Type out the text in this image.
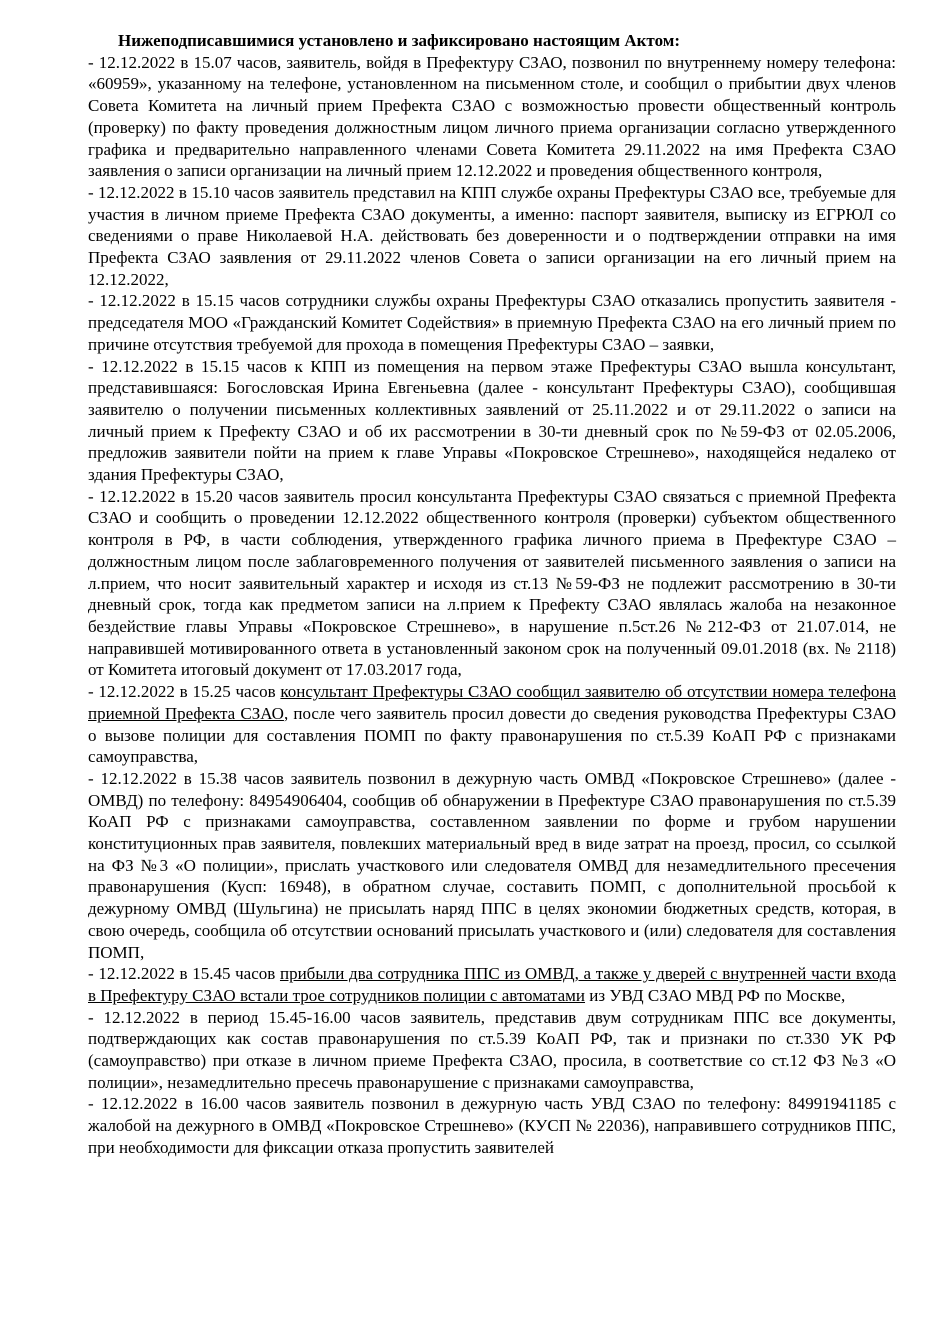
Нижеподписавшимися установлено и зафиксировано настоящим Актом:

- 12.12.2022 в 15.07 часов, заявитель, войдя в Префектуру СЗАО, позвонил по внутреннему номеру телефона: «60959», указанному на телефоне, установленном на письменном столе, и сообщил о прибытии двух членов Совета Комитета на личный прием Префекта СЗАО с возможностью провести общественный контроль (проверку) по факту проведения должностным лицом личного приема организации согласно утвержденного графика и предварительно направленного членами Совета Комитета 29.11.2022 на имя Префекта СЗАО заявления о записи организации на личный прием 12.12.2022 и проведения общественного контроля,

- 12.12.2022 в 15.10 часов заявитель представил на КПП службе охраны Префектуры СЗАО все, требуемые для участия в личном приеме Префекта СЗАО документы, а именно: паспорт заявителя, выписку из ЕГРЮЛ со сведениями о праве Николаевой Н.А. действовать без доверенности и о подтверждении отправки на имя Префекта СЗАО заявления от 29.11.2022 членов Совета о записи организации на его личный прием на 12.12.2022,

- 12.12.2022 в 15.15 часов сотрудники службы охраны Префектуры СЗАО отказались пропустить заявителя - председателя МОО «Гражданский Комитет Содействия» в приемную Префекта СЗАО на его личный прием по причине отсутствия требуемой для прохода в помещения Префектуры СЗАО – заявки,

- 12.12.2022 в 15.15 часов к КПП из помещения на первом этаже Префектуры СЗАО вышла консультант, представившаяся: Богословская Ирина Евгеньевна (далее - консультант Префектуры СЗАО), сообщившая заявителю о получении письменных коллективных заявлений от 25.11.2022 и от 29.11.2022 о записи на личный прием к Префекту СЗАО и об их рассмотрении в 30-ти дневный срок по №59-ФЗ от 02.05.2006, предложив заявители пойти на прием к главе Управы «Покровское Стрешнево», находящейся недалеко от здания Префектуры СЗАО,

- 12.12.2022 в 15.20 часов заявитель просил консультанта Префектуры СЗАО связаться с приемной Префекта СЗАО и сообщить о проведении 12.12.2022 общественного контроля (проверки) субъектом общественного контроля в РФ, в части соблюдения, утвержденного графика личного приема в Префектуре СЗАО – должностным лицом после заблаговременного получения от заявителей письменного заявления о записи на л.прием, что носит заявительный характер и исходя из ст.13 №59-ФЗ не подлежит рассмотрению в 30-ти дневный срок, тогда как предметом записи на л.прием к Префекту СЗАО являлась жалоба на незаконное бездействие главы Управы «Покровское Стрешнево», в нарушение п.5ст.26 №212-ФЗ от 21.07.014, не направившей мотивированного ответа в установленный законом срок на полученный 09.01.2018 (вх. № 2118) от Комитета итоговый документ от 17.03.2017 года,

- 12.12.2022 в 15.25 часов консультант Префектуры СЗАО сообщил заявителю об отсутствии номера телефона приемной Префекта СЗАО, после чего заявитель просил довести до сведения руководства Префектуры СЗАО о вызове полиции для составления ПОМП по факту правонарушения по ст.5.39 КоАП РФ с признаками самоуправства,

- 12.12.2022 в 15.38 часов заявитель позвонил в дежурную часть ОМВД «Покровское Стрешнево» (далее - ОМВД) по телефону: 84954906404, сообщив об обнаружении в Префектуре СЗАО правонарушения по ст.5.39 КоАП РФ с признаками самоуправства, составленном заявлении по форме и грубом нарушении конституционных прав заявителя, повлекших материальный вред в виде затрат на проезд, просил, со ссылкой на ФЗ №3 «О полиции», прислать участкового или следователя ОМВД для незамедлительного пресечения правонарушения (Кусп: 16948), в обратном случае, составить ПОМП, с дополнительной просьбой к дежурному ОМВД (Шульгина) не присылать наряд ППС в целях экономии бюджетных средств, которая, в свою очередь, сообщила об отсутствии оснований присылать участкового и (или) следователя для составления ПОМП,

- 12.12.2022 в 15.45 часов прибыли два сотрудника ППС из ОМВД, а также у дверей с внутренней части входа в Префектуру СЗАО встали трое сотрудников полиции с автоматами из УВД СЗАО МВД РФ по Москве,

- 12.12.2022 в период 15.45-16.00 часов заявитель, представив двум сотрудникам ППС все документы, подтверждающих как состав правонарушения по ст.5.39 КоАП РФ, так и признаки по ст.330 УК РФ (самоуправство) при отказе в личном приеме Префекта СЗАО, просила, в соответствие со ст.12 ФЗ №3 «О полиции», незамедлительно пресечь правонарушение с признаками самоуправства,

- 12.12.2022 в 16.00 часов заявитель позвонил в дежурную часть УВД СЗАО по телефону: 84991941185 с жалобой на дежурного в ОМВД «Покровское Стрешнево» (КУСП № 22036), направившего сотрудников ППС, при необходимости для фиксации отказа пропустить заявителей
